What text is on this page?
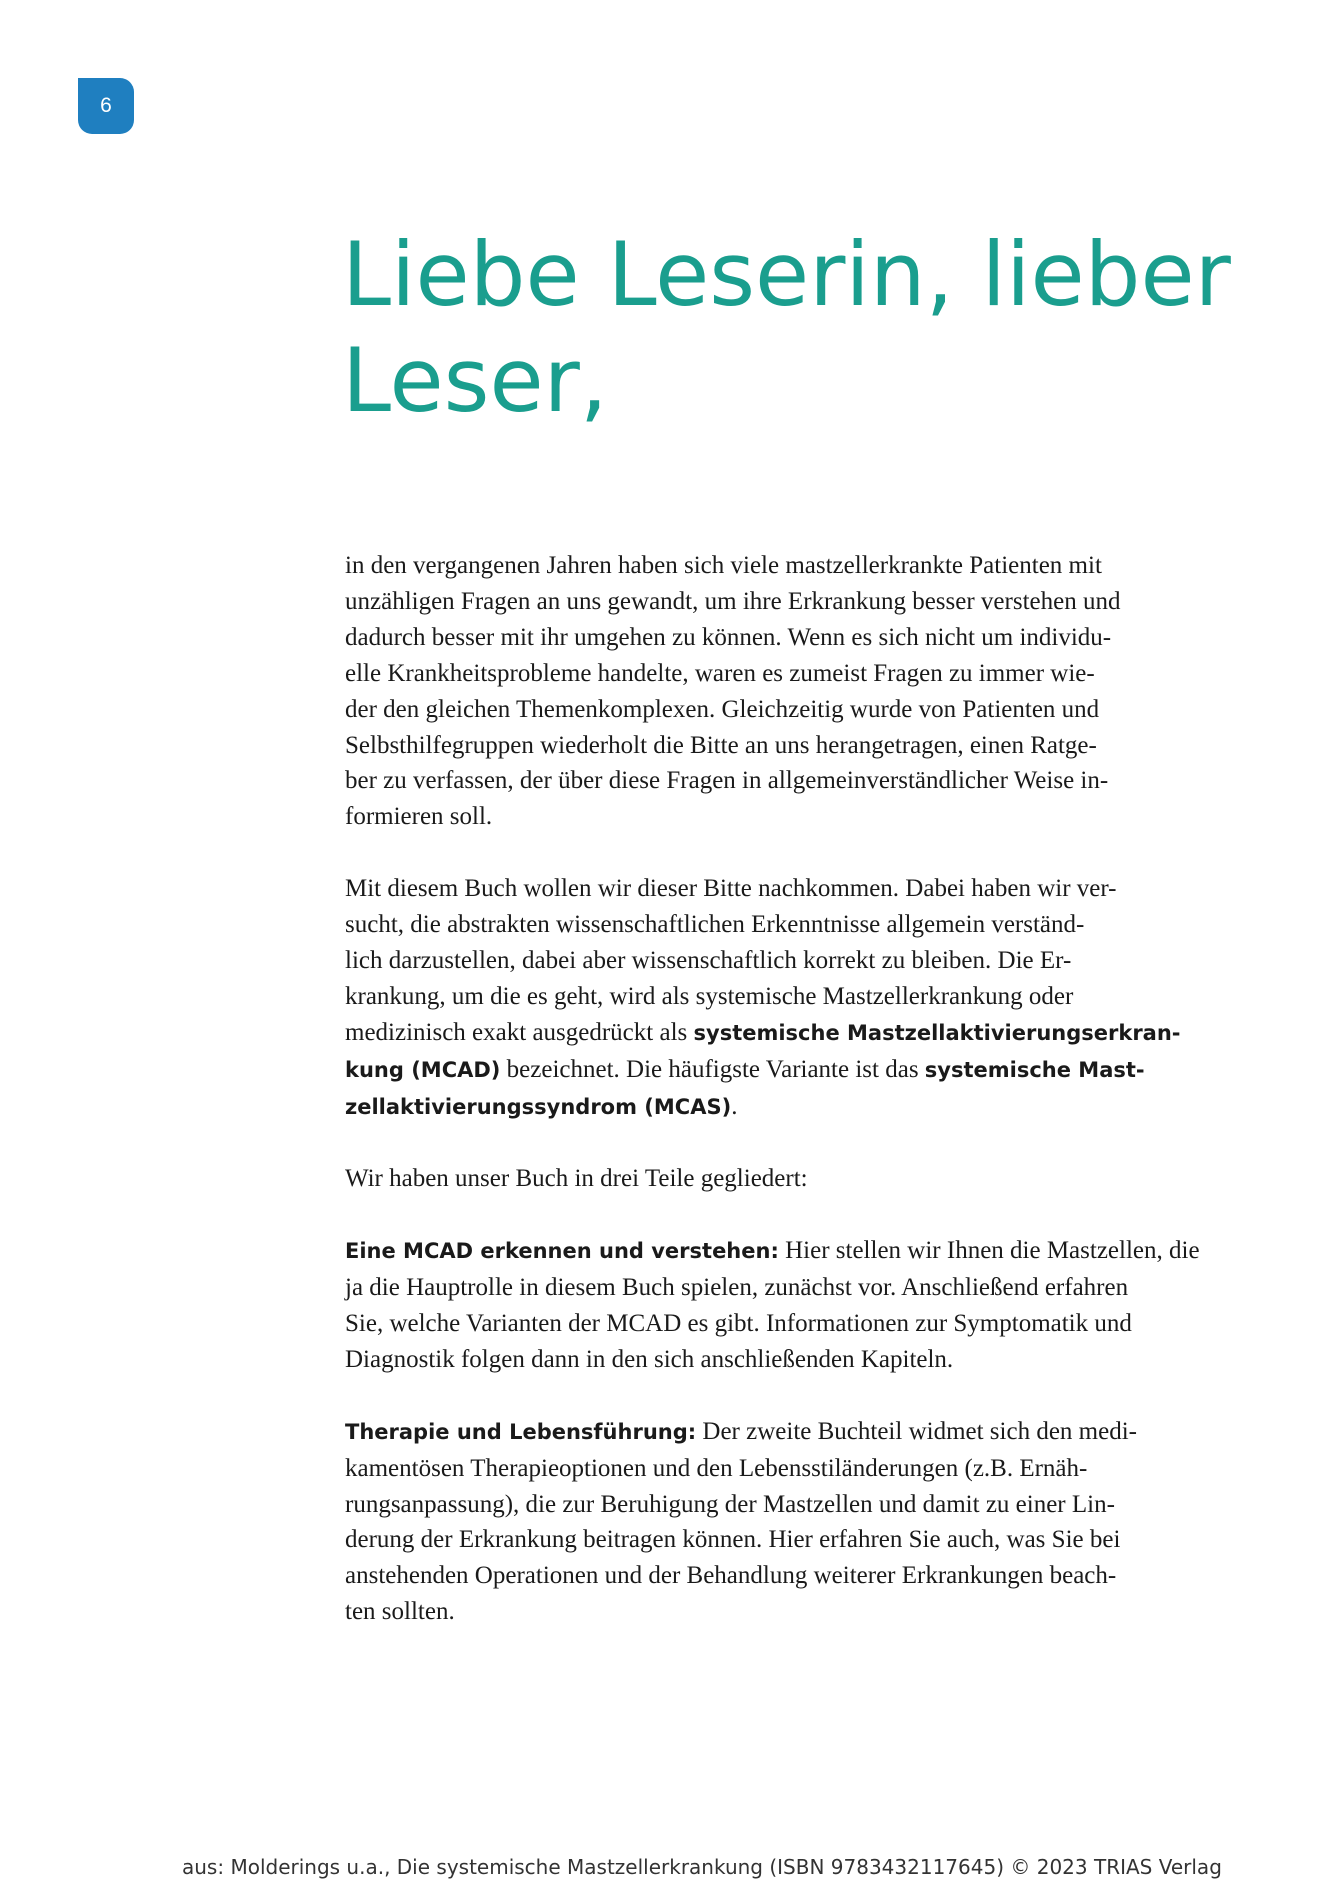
6
Liebe Leserin, lieber
Leser,

in den vergangenen Jahren haben sich viele mastzellerkrankte Patienten mit
unzähligen Fragen an uns gewandt, um ihre Erkrankung besser verstehen und
dadurch besser mit ihr umgehen zu können. Wenn es sich nicht um individu-
elle Krankheitsprobleme handelte, waren es zumeist Fragen zu immer wie-
der den gleichen Themenkomplexen. Gleichzeitig wurde von Patienten und
Selbsthilfegruppen wiederholt die Bitte an uns herangetragen, einen Ratge-
ber zu verfassen, der über diese Fragen in allgemeinverständlicher Weise in-
formieren soll.

Mit diesem Buch wollen wir dieser Bitte nachkommen. Dabei haben wir ver-
sucht, die abstrakten wissenschaftlichen Erkenntnisse allgemein verständ-
lich darzustellen, dabei aber wissenschaftlich korrekt zu bleiben. Die Er-
krankung, um die es geht, wird als systemische Mastzellerkrankung oder
medizinisch exakt ausgedrückt als systemische Mastzellaktivierungserkran-
kung (MCAD) bezeichnet. Die häufigste Variante ist das systemische Mast-
zellaktivierungssyndrom (MCAS).

Wir haben unser Buch in drei Teile gegliedert:

Eine MCAD erkennen und verstehen: Hier stellen wir Ihnen die Mastzellen, die
ja die Hauptrolle in diesem Buch spielen, zunächst vor. Anschließend erfahren
Sie, welche Varianten der MCAD es gibt. Informationen zur Symptomatik und
Diagnostik folgen dann in den sich anschließenden Kapiteln.

Therapie und Lebensführung: Der zweite Buchteil widmet sich den medi-
kamentösen Therapieoptionen und den Lebensstiländerungen (z.B. Ernäh-
rungsanpassung), die zur Beruhigung der Mastzellen und damit zu einer Lin-
derung der Erkrankung beitragen können. Hier erfahren Sie auch, was Sie bei
anstehenden Operationen und der Behandlung weiterer Erkrankungen beach-
ten sollten.

aus: Molderings u.a., Die systemische Mastzellerkrankung (ISBN 9783432117645) © 2023 TRIAS Verlag
